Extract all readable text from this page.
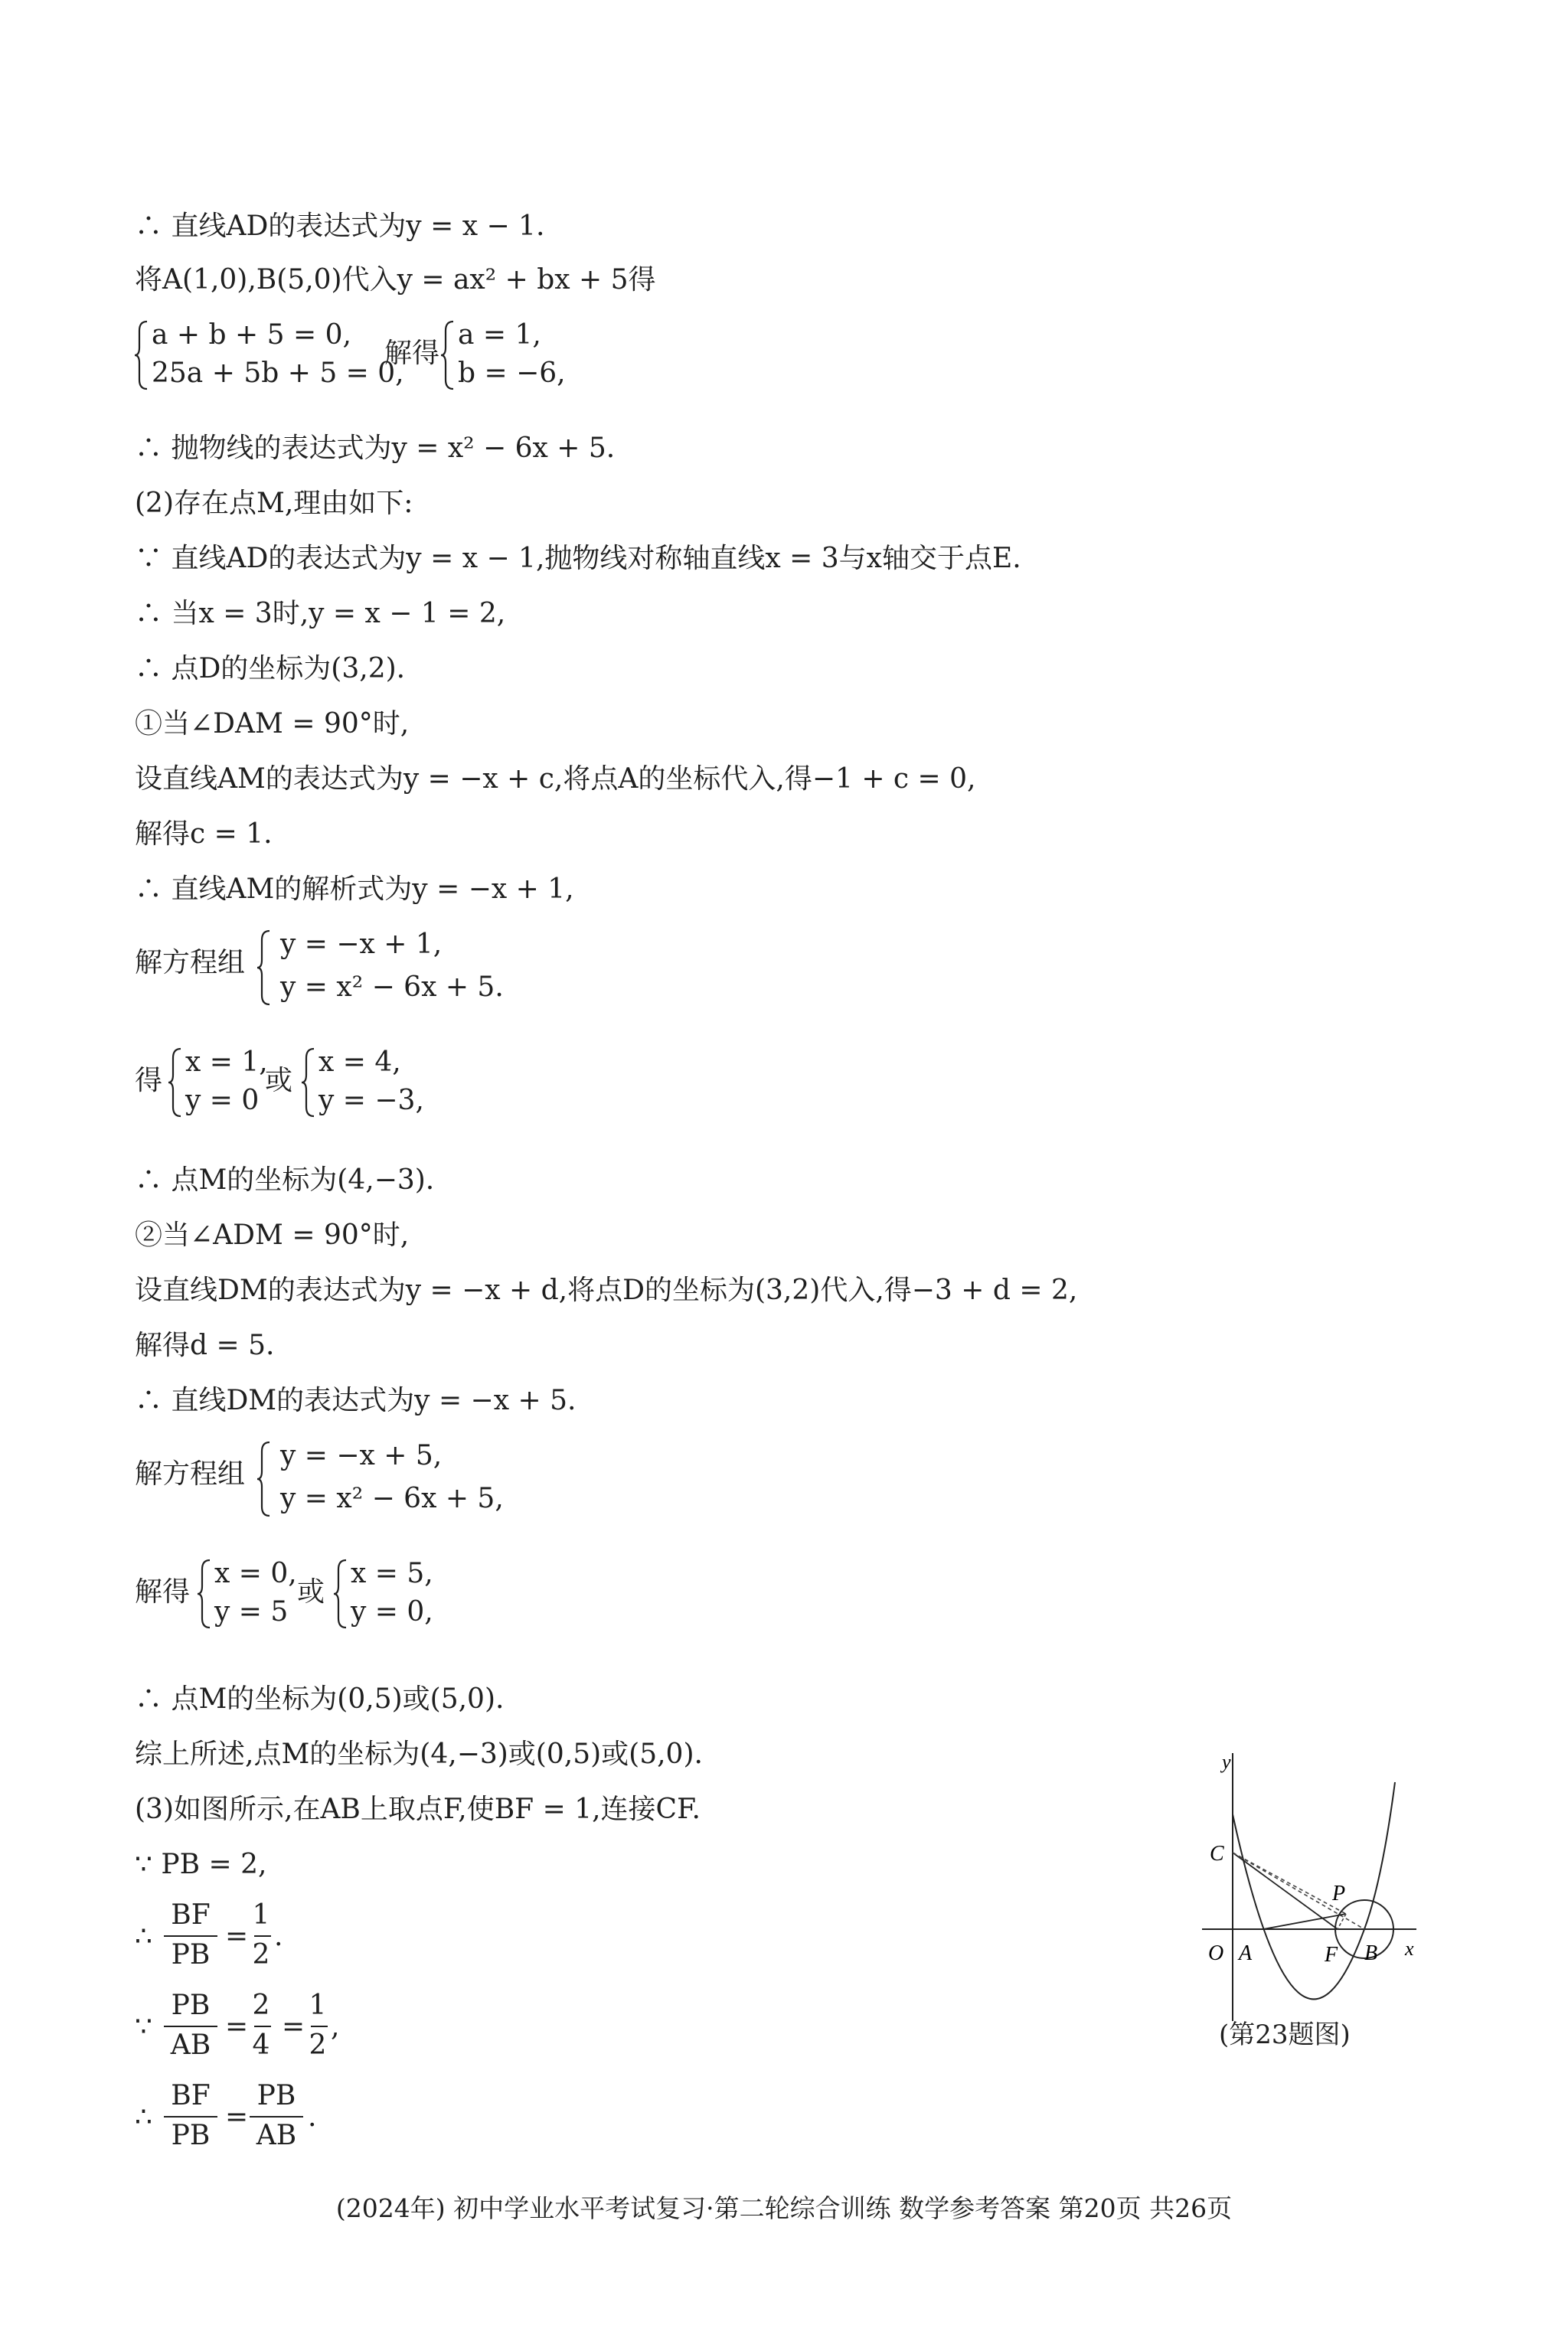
∴ 直线AD的表达式为y = x − 1.
将A(1,0),B(5,0)代入y = ax² + bx + 5得
a + b + 5 = 0,
25a + 5b + 5 = 0,
解得
a = 1,
b = −6,
∴ 抛物线的表达式为y = x² − 6x + 5.
(2)存在点M,理由如下:
∵ 直线AD的表达式为y = x − 1,抛物线对称轴直线x = 3与x轴交于点E.
∴ 当x = 3时,y = x − 1 = 2,
∴ 点D的坐标为(3,2).
①当∠DAM = 90°时,
设直线AM的表达式为y = −x + c,将点A的坐标代入,得−1 + c = 0,
解得c = 1.
∴ 直线AM的解析式为y = −x + 1,
解方程组
y = −x + 1,
y = x² − 6x + 5.
得
x = 1,
y = 0
或
x = 4,
y = −3,
∴ 点M的坐标为(4,−3).
②当∠ADM = 90°时,
设直线DM的表达式为y = −x + d,将点D的坐标为(3,2)代入,得−3 + d = 2,
解得d = 5.
∴ 直线DM的表达式为y = −x + 5.
解方程组
y = −x + 5,
y = x² − 6x + 5,
解得
x = 0,
y = 5
或
x = 5,
y = 0,
∴ 点M的坐标为(0,5)或(5,0).
综上所述,点M的坐标为(4,−3)或(0,5)或(5,0).
(3)如图所示,在AB上取点F,使BF = 1,连接CF.
∵ PB = 2,
∴
BF
PB
=
1
2
.
∵
PB
AB
=
2
4
=
1
2
,
∴
BF
PB
=
PB
AB
.
y
x
O A	B
C
P
F
(第23题图)
(2024年) 初中学业水平考试复习·第二轮综合训练 数学参考答案 第20页 共26页
